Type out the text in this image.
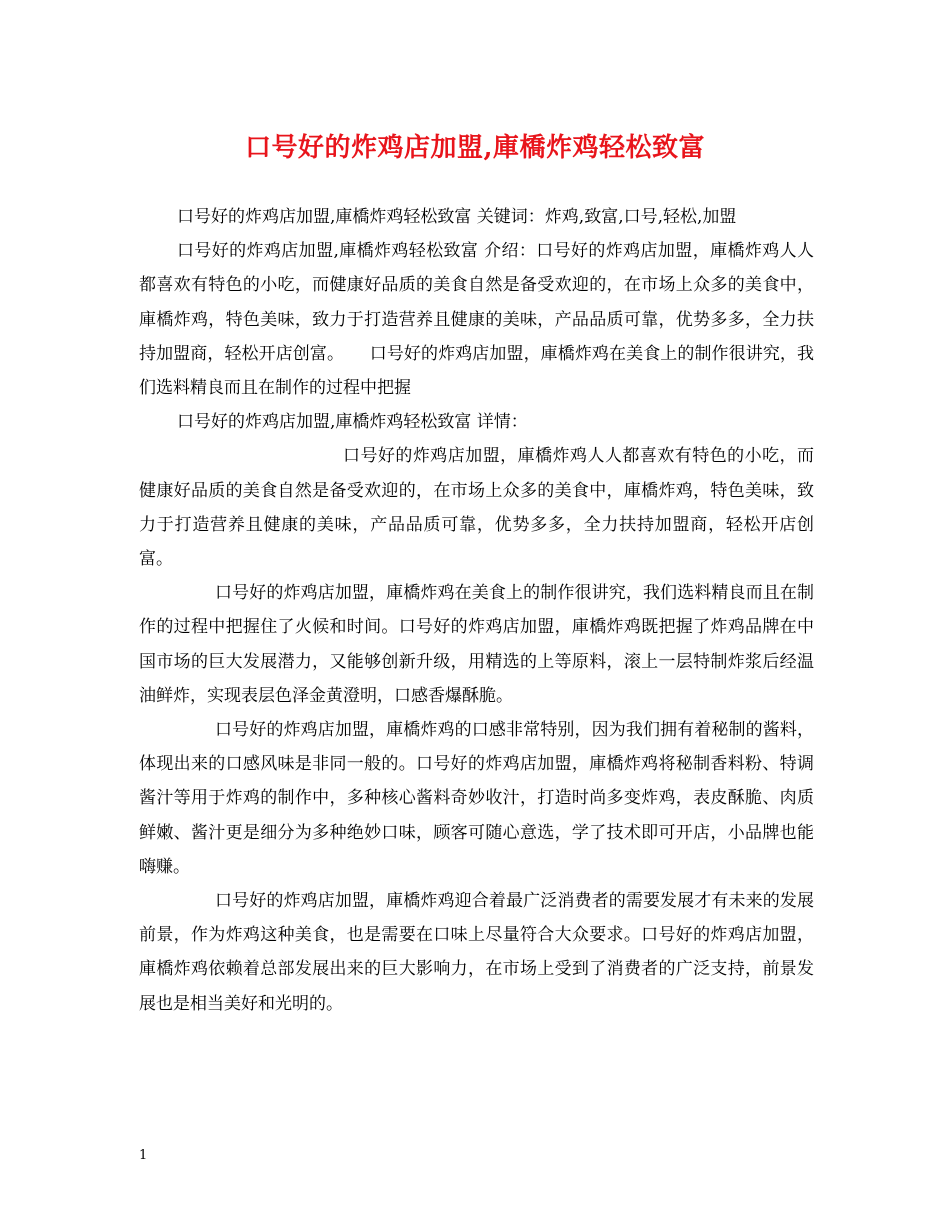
口号好的炸鸡店加盟,庫橋炸鸡轻松致富

口号好的炸鸡店加盟,庫橋炸鸡轻松致富 关键词：炸鸡,致富,口号,轻松,加盟

口号好的炸鸡店加盟,庫橋炸鸡轻松致富 介绍：口号好的炸鸡店加盟，庫橋炸鸡人人都喜欢有特色的小吃，而健康好品质的美食自然是备受欢迎的，在市场上众多的美食中，庫橋炸鸡，特色美味，致力于打造营养且健康的美味，产品品质可靠，优势多多，全力扶持加盟商，轻松开店创富。　　口号好的炸鸡店加盟，庫橋炸鸡在美食上的制作很讲究，我们选料精良而且在制作的过程中把握

口号好的炸鸡店加盟,庫橋炸鸡轻松致富 详情：

口号好的炸鸡店加盟，庫橋炸鸡人人都喜欢有特色的小吃，而健康好品质的美食自然是备受欢迎的，在市场上众多的美食中，庫橋炸鸡，特色美味，致力于打造营养且健康的美味，产品品质可靠，优势多多，全力扶持加盟商，轻松开店创富。

口号好的炸鸡店加盟，庫橋炸鸡在美食上的制作很讲究，我们选料精良而且在制作的过程中把握住了火候和时间。口号好的炸鸡店加盟，庫橋炸鸡既把握了炸鸡品牌在中国市场的巨大发展潜力，又能够创新升级，用精选的上等原料，滚上一层特制炸浆后经温油鲜炸，实现表层色泽金黄澄明，口感香爆酥脆。

口号好的炸鸡店加盟，庫橋炸鸡的口感非常特别，因为我们拥有着秘制的酱料，体现出来的口感风味是非同一般的。口号好的炸鸡店加盟，庫橋炸鸡将秘制香料粉、特调酱汁等用于炸鸡的制作中，多种核心酱料奇妙收汁，打造时尚多变炸鸡，表皮酥脆、肉质鲜嫩、酱汁更是细分为多种绝妙口味，顾客可随心意选，学了技术即可开店，小品牌也能嗨赚。

口号好的炸鸡店加盟，庫橋炸鸡迎合着最广泛消费者的需要发展才有未来的发展前景，作为炸鸡这种美食，也是需要在口味上尽量符合大众要求。口号好的炸鸡店加盟，庫橋炸鸡依赖着总部发展出来的巨大影响力，在市场上受到了消费者的广泛支持，前景发展也是相当美好和光明的。

1
